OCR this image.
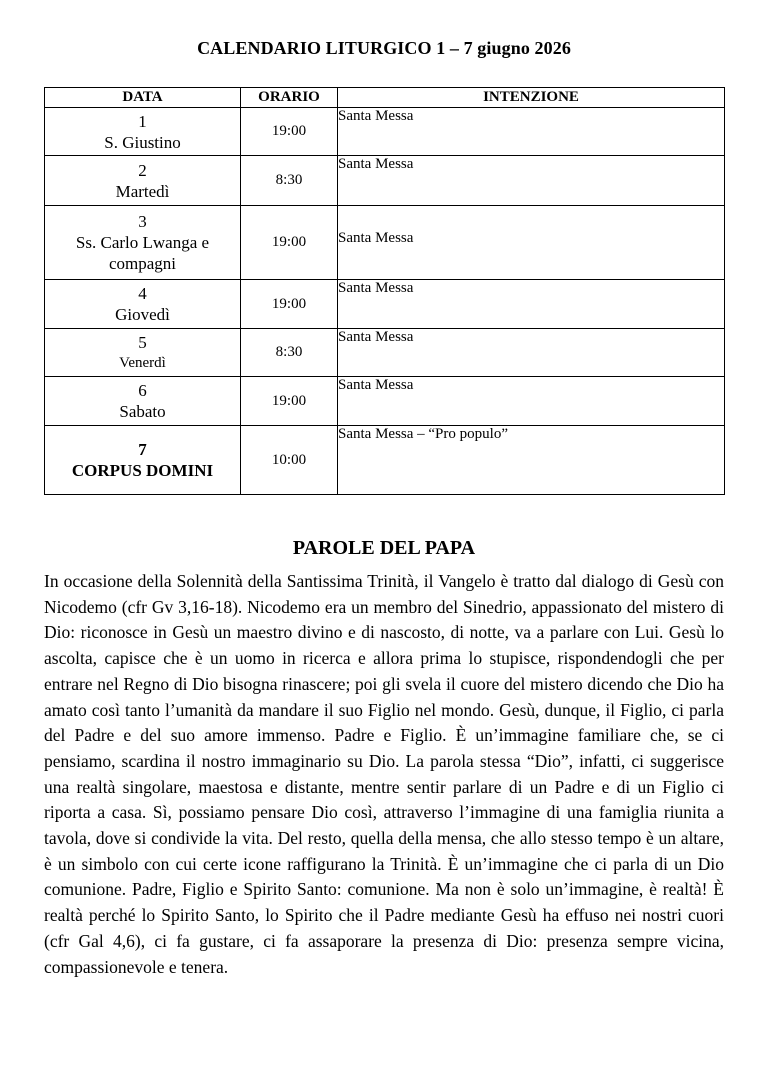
CALENDARIO LITURGICO 1 – 7 giugno 2026
DATA	ORARIO	INTENZIONE

1
S. Giustino	19:00	Santa Messa

2
Martedì	8:30	Santa Messa

3
Ss. Carlo Lwanga e compagni	19:00	Santa Messa

4
Giovedì	19:00	Santa Messa

5
Venerdì	8:30	Santa Messa

6
Sabato	19:00	Santa Messa

7
CORPUS DOMINI	10:00	Santa Messa – “Pro populo”
PAROLE DEL PAPA

In occasione della Solennità della Santissima Trinità, il Vangelo è tratto dal dialogo di Gesù con Nicodemo (cfr Gv 3,16-18). Nicodemo era un membro del Sinedrio, appassionato del mistero di Dio: riconosce in Gesù un maestro divino e di nascosto, di notte, va a parlare con Lui. Gesù lo ascolta, capisce che è un uomo in ricerca e allora prima lo stupisce, rispondendogli che per entrare nel Regno di Dio bisogna rinascere; poi gli svela il cuore del mistero dicendo che Dio ha amato così tanto l’umanità da mandare il suo Figlio nel mondo. Gesù, dunque, il Figlio, ci parla del Padre e del suo amore immenso. Padre e Figlio. È un’immagine familiare che, se ci pensiamo, scardina il nostro immaginario su Dio. La parola stessa “Dio”, infatti, ci suggerisce una realtà singolare, maestosa e distante, mentre sentir parlare di un Padre e di un Figlio ci riporta a casa. Sì, possiamo pensare Dio così, attraverso l’immagine di una famiglia riunita a tavola, dove si condivide la vita. Del resto, quella della mensa, che allo stesso tempo è un altare, è un simbolo con cui certe icone raffigurano la Trinità. È un’immagine che ci parla di un Dio comunione. Padre, Figlio e Spirito Santo: comunione. Ma non è solo un’immagine, è realtà! È realtà perché lo Spirito Santo, lo Spirito che il Padre mediante Gesù ha effuso nei nostri cuori (cfr Gal 4,6), ci fa gustare, ci fa assaporare la presenza di Dio: presenza sempre vicina, compassionevole e tenera.
